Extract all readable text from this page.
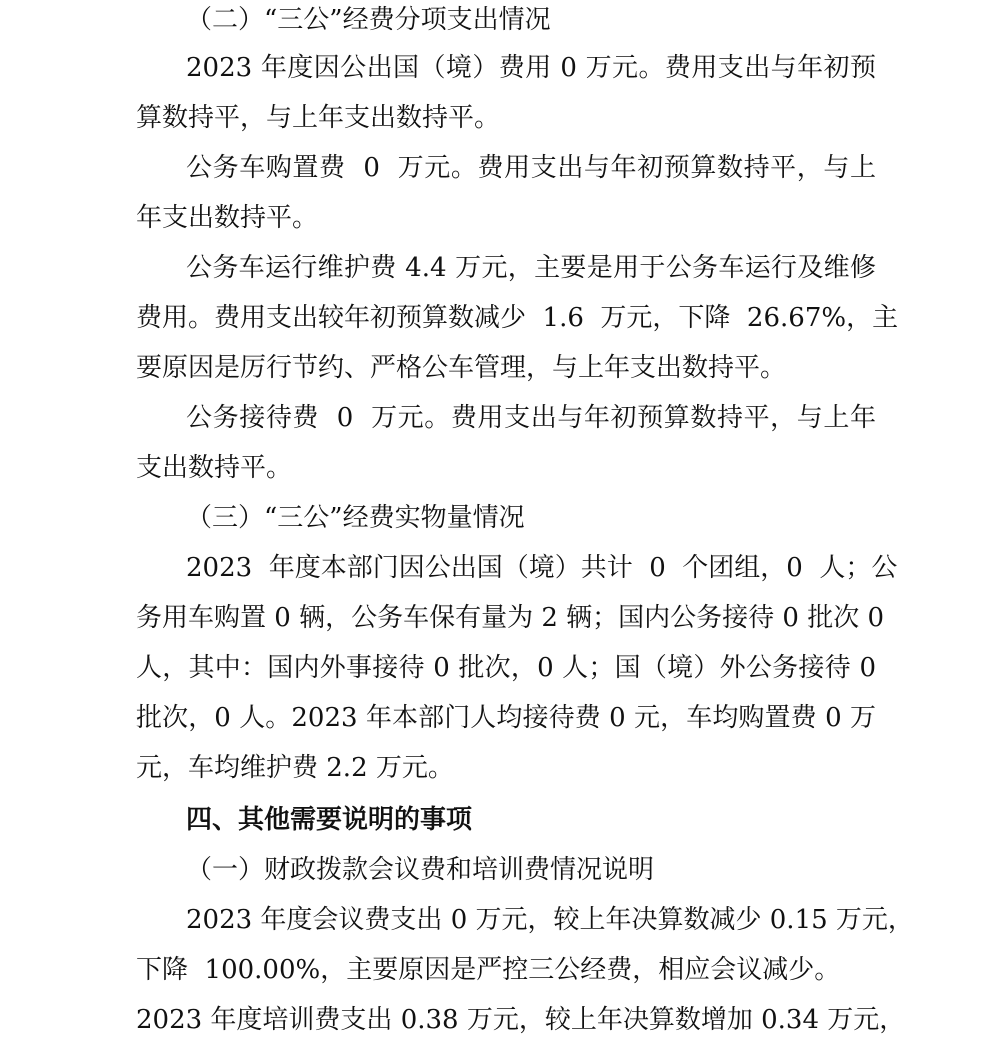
（二）“三公”经费分项支出情况
2023 年度因公出国（境）费用 0 万元。费用支出与年初预
算数持平，与上年支出数持平。
公务车购置费  0  万元。费用支出与年初预算数持平，与上
年支出数持平。
公务车运行维护费 4.4 万元，主要是用于公务车运行及维修
费用。费用支出较年初预算数减少  1.6  万元，下降  26.67%，主
要原因是厉行节约、严格公车管理，与上年支出数持平。
公务接待费  0  万元。费用支出与年初预算数持平，与上年
支出数持平。
（三）“三公”经费实物量情况
2023  年度本部门因公出国（境）共计  0  个团组，0  人；公
务用车购置 0 辆，公务车保有量为 2 辆；国内公务接待 0 批次 0
人，其中：国内外事接待 0 批次，0 人；国（境）外公务接待 0
批次，0 人。2023 年本部门人均接待费 0 元，车均购置费 0 万
元，车均维护费 2.2 万元。
四、其他需要说明的事项
（一）财政拨款会议费和培训费情况说明
2023 年度会议费支出 0 万元，较上年决算数减少 0.15 万元，
下降  100.00%，主要原因是严控三公经费，相应会议减少。
2023 年度培训费支出 0.38 万元，较上年决算数增加 0.34 万元，
